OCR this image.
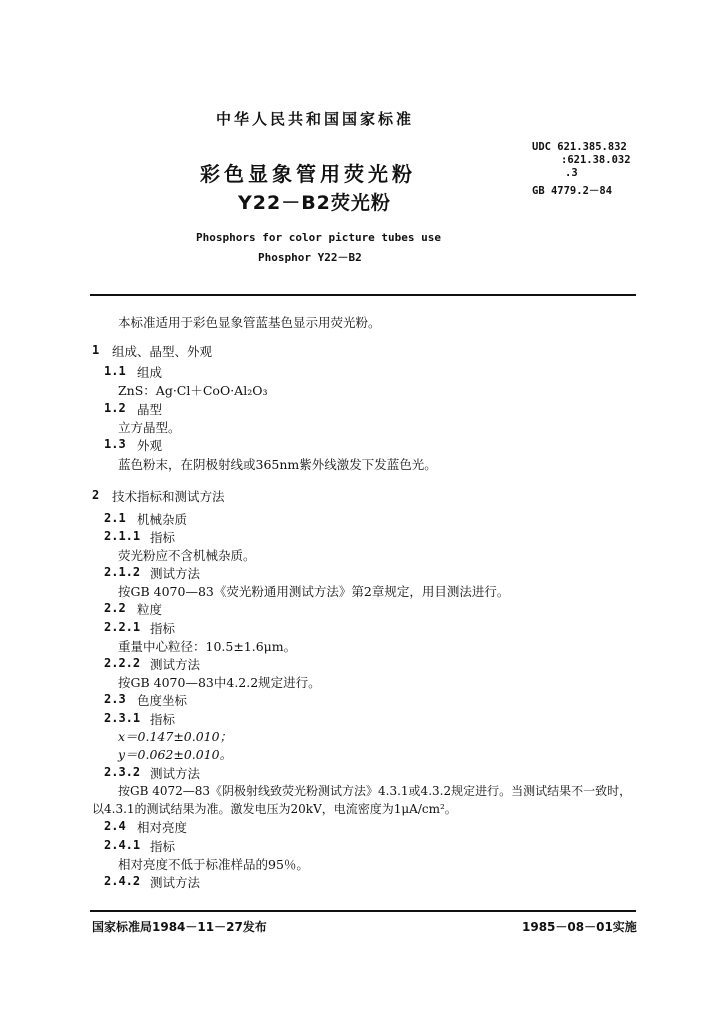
中华人民共和国国家标准
彩色显象管用荧光粉
Y22－B2荧光粉
Phosphors for color picture tubes use
Phosphor Y22－B2
UDC 621.385.832
:621.38.032
.3
GB 4779.2－84
本标准适用于彩色显象管蓝基色显示用荧光粉。
1 组成、晶型、外观
1.1 组成
ZnS：Ag·Cl＋CoO·Al₂O₃
1.2 晶型
立方晶型。
1.3 外观
蓝色粉末，在阴极射线或365nm紫外线激发下发蓝色光。
2 技术指标和测试方法
2.1 机械杂质
2.1.1 指标
荧光粉应不含机械杂质。
2.1.2 测试方法
按GB 4070—83《荧光粉通用测试方法》第2章规定，用目测法进行。
2.2 粒度
2.2.1 指标
重量中心粒径：10.5±1.6μm。
2.2.2 测试方法
按GB 4070—83中4.2.2规定进行。
2.3 色度坐标
2.3.1 指标
x＝0.147±0.010；
y＝0.062±0.010。
2.3.2 测试方法
按GB 4072—83《阴极射线致荧光粉测试方法》4.3.1或4.3.2规定进行。当测试结果不一致时，
以4.3.1的测试结果为准。激发电压为20kV，电流密度为1μA/cm²。
2.4 相对亮度
2.4.1 指标
相对亮度不低于标准样品的95％。
2.4.2 测试方法
国家标准局1984－11－27发布	1985－08－01实施
